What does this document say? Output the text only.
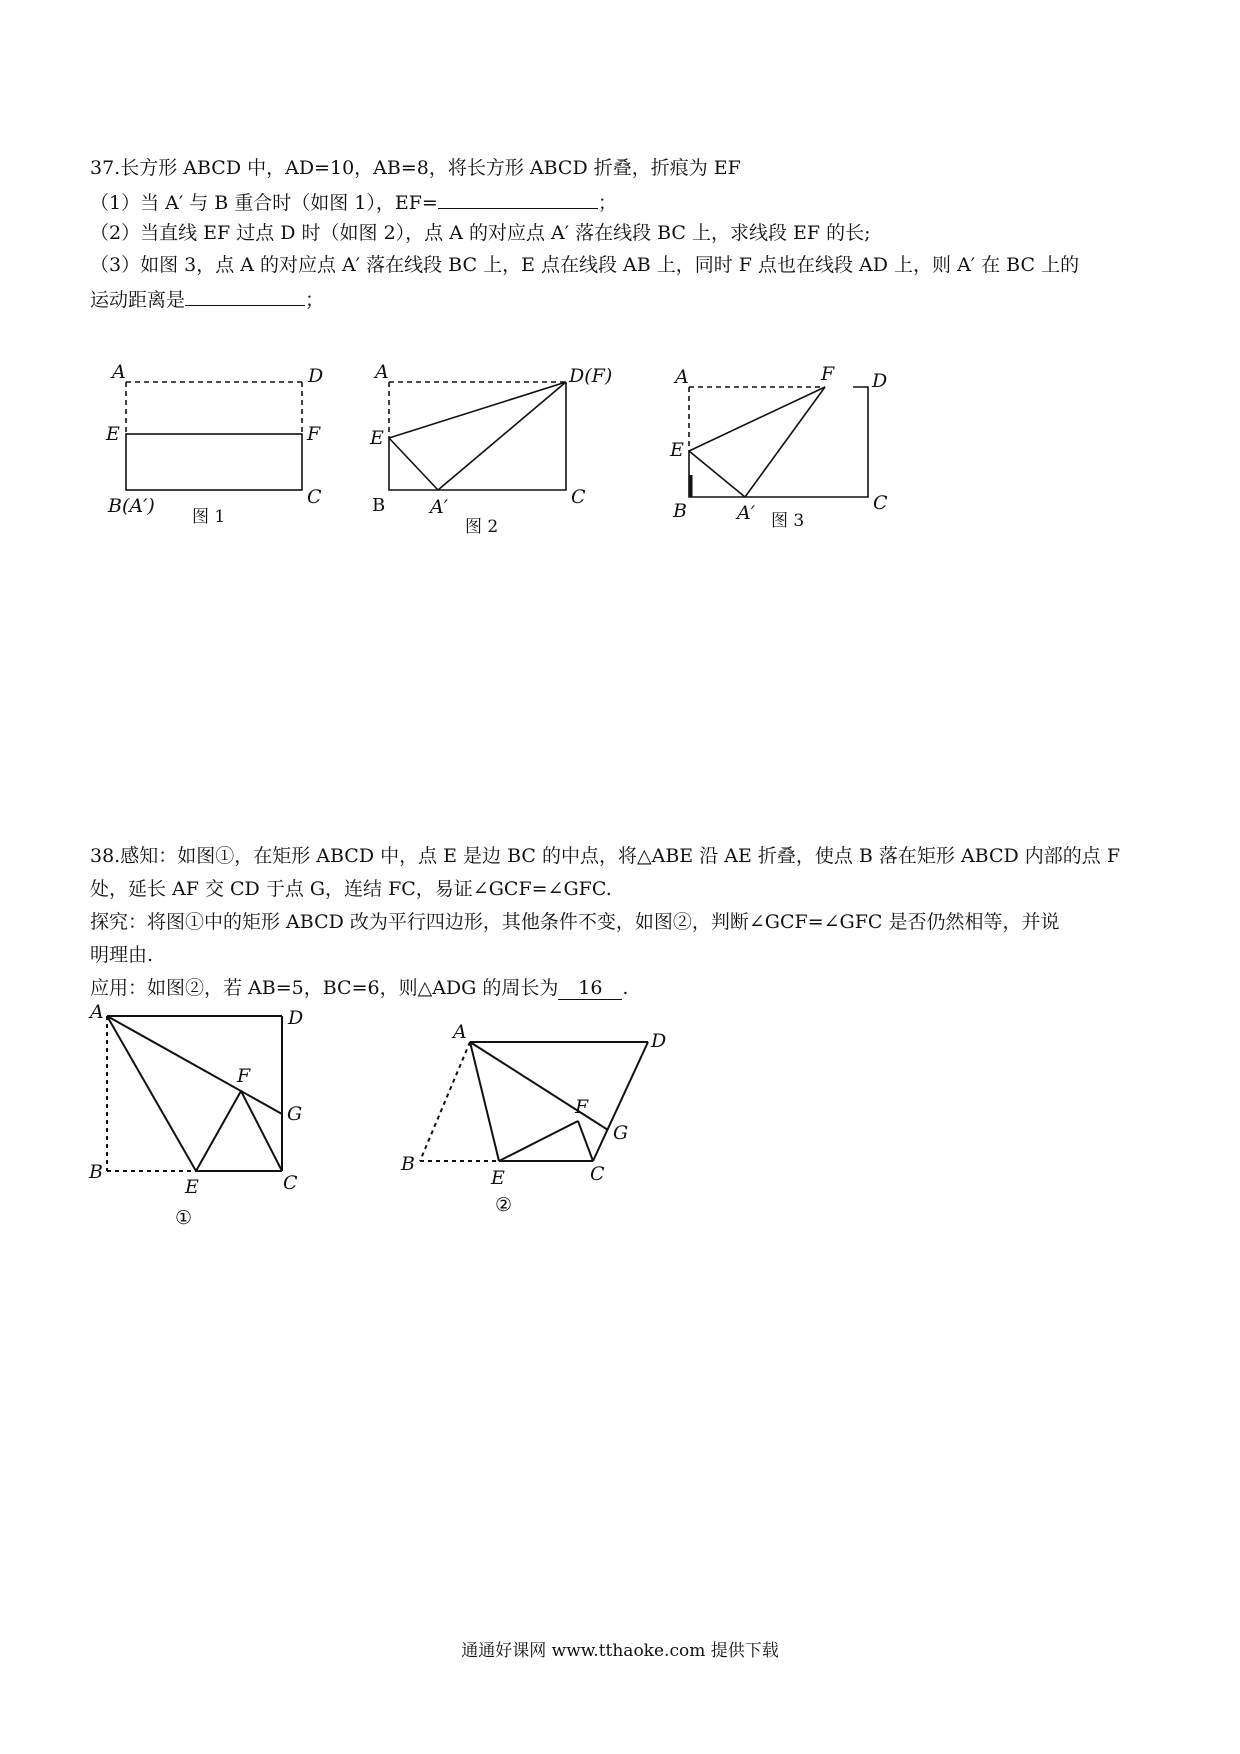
37.长方形 ABCD 中，AD=10，AB=8，将长方形 ABCD 折叠，折痕为 EF
（1）当 A′ 与 B 重合时（如图 1），EF=	；
（2）当直线 EF 过点 D 时（如图 2），点 A 的对应点 A′ 落在线段 BC 上，求线段 EF 的长;
（3）如图 3，点 A 的对应点 A′ 落在线段 BC 上，E 点在线段 AB 上，同时 F 点也在线段 AD 上，则 A′ 在 BC 上的
运动距离是	；
A	D
E	F
B(A′)	C
图 1
A	D(F)
E
B A′	C
图 2
A	F D
E
B	A′	C
图 3
38.感知：如图①，在矩形 ABCD 中，点 E 是边 BC 的中点，将△ABE 沿 AE 折叠，使点 B 落在矩形 ABCD 内部的点 F
处，延长 AF 交 CD 于点 G，连结 FC，易证∠GCF=∠GFC.
探究：将图①中的矩形 ABCD 改为平行四边形，其他条件不变，如图②，判断∠GCF=∠GFC 是否仍然相等，并说
明理由.
应用：如图②，若 AB=5，BC=6，则△ADG 的周长为 16 .
A	D
F
G
B
E	C
①
A	D
F
G
B
E	C
②
通通好课网 www.tthaoke.com 提供下载
